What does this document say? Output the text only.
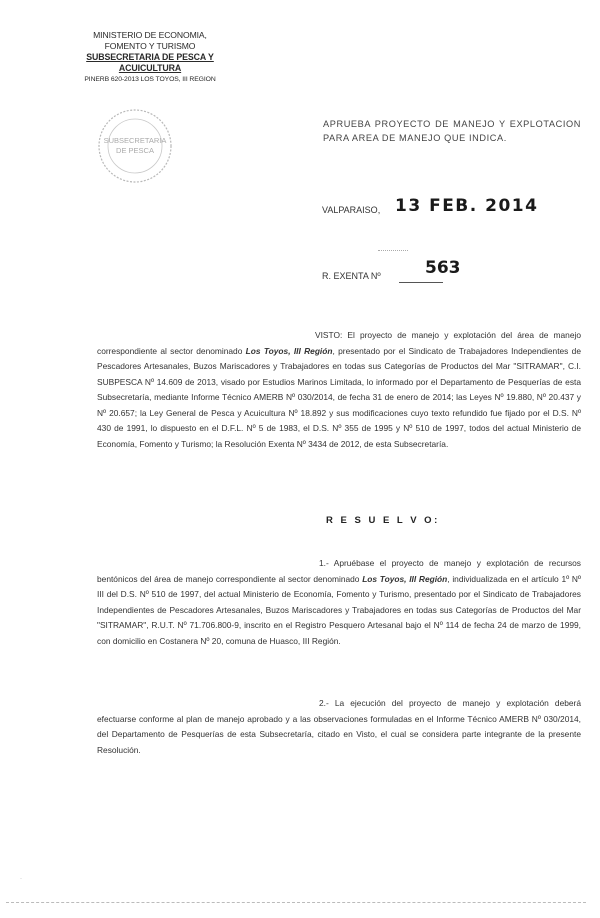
MINISTERIO DE ECONOMIA,
FOMENTO Y TURISMO
SUBSECRETARIA DE PESCA Y ACUICULTURA
PINERB 620-2013 LOS TOYOS, III REGION
SUBSECRETARIA
DE PESCA
APRUEBA PROYECTO DE MANEJO Y EXPLOTACION PARA AREA DE MANEJO QUE INDICA.
VALPARAISO, 13 FEB. 2014
R. EXENTA Nº	563

VISTO: El proyecto de manejo y explotación del área de manejo correspondiente al sector denominado Los Toyos, III Región, presentado por el Sindicato de Trabajadores Independientes de Pescadores Artesanales, Buzos Mariscadores y Trabajadores en todas sus Categorías de Productos del Mar "SITRAMAR", C.I. SUBPESCA Nº 14.609 de 2013, visado por Estudios Marinos Limitada, lo informado por el Departamento de Pesquerías de esta Subsecretaría, mediante Informe Técnico AMERB Nº 030/2014, de fecha 31 de enero de 2014; las Leyes Nº 19.880, Nº 20.437 y Nº 20.657; la Ley General de Pesca y Acuicultura Nº 18.892 y sus modificaciones cuyo texto refundido fue fijado por el D.S. Nº 430 de 1991, lo dispuesto en el D.F.L. Nº 5 de 1983, el D.S. Nº 355 de 1995 y Nº 510 de 1997, todos del actual Ministerio de Economía, Fomento y Turismo; la Resolución Exenta Nº 3434 de 2012, de esta Subsecretaría.

R E S U E L V O:

1.- Apruébase el proyecto de manejo y explotación de recursos bentónicos del área de manejo correspondiente al sector denominado Los Toyos, III Región, individualizada en el artículo 1º Nº III del D.S. Nº 510 de 1997, del actual Ministerio de Economía, Fomento y Turismo, presentado por el Sindicato de Trabajadores Independientes de Pescadores Artesanales, Buzos Mariscadores y Trabajadores en todas sus Categorías de Productos del Mar "SITRAMAR", R.U.T. Nº 71.706.800-9, inscrito en el Registro Pesquero Artesanal bajo el Nº 114 de fecha 24 de marzo de 1999, con domicilio en Costanera Nº 20, comuna de Huasco, III Región.

2.- La ejecución del proyecto de manejo y explotación deberá efectuarse conforme al plan de manejo aprobado y a las observaciones formuladas en el Informe Técnico AMERB Nº 030/2014, del Departamento de Pesquerías de esta Subsecretaría, citado en Visto, el cual se considera parte integrante de la presente Resolución.

·
